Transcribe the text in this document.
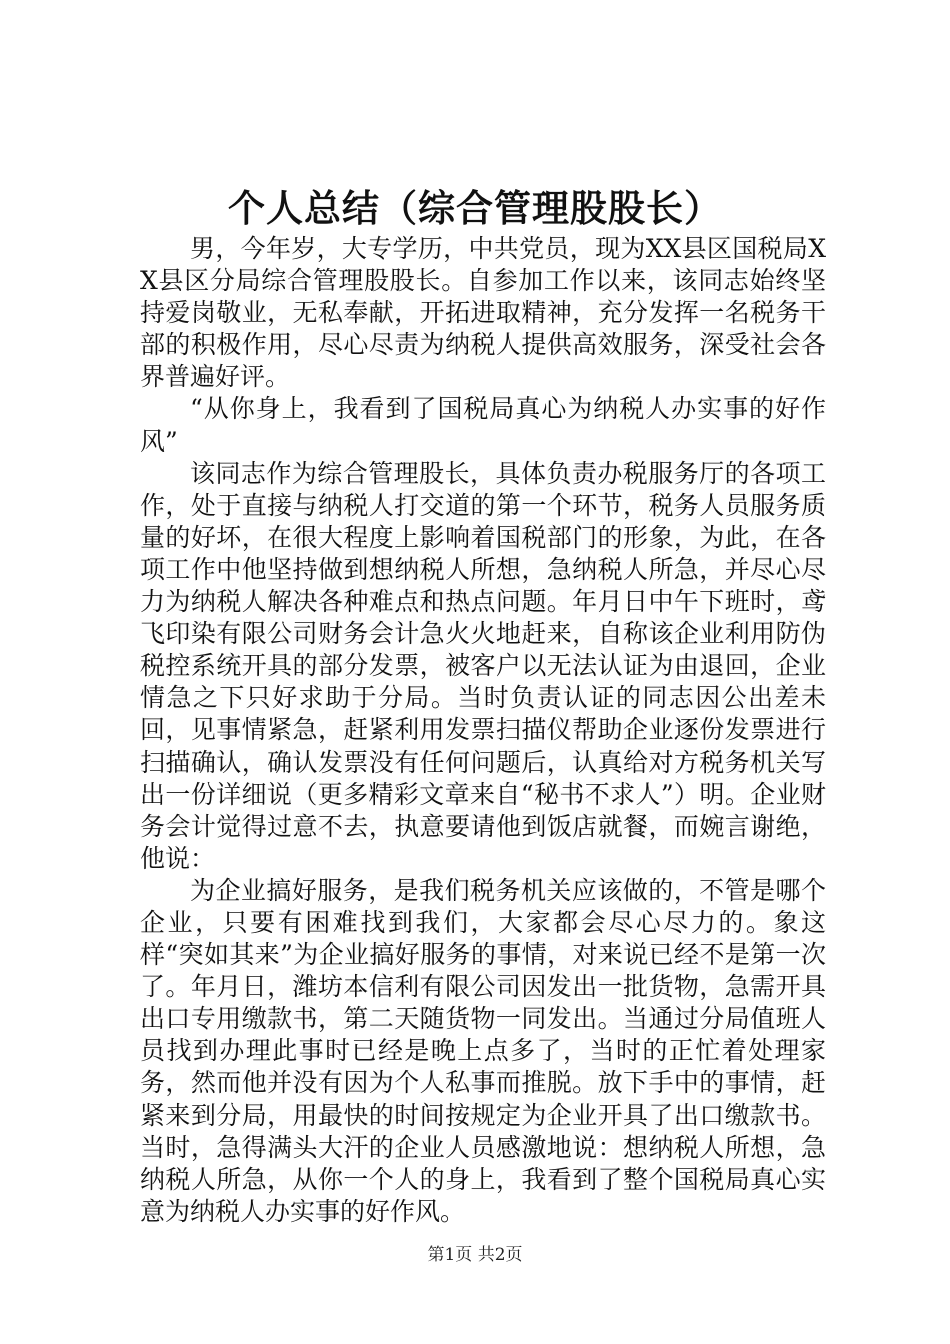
个人总结（综合管理股股长）

男，今年岁，大专学历，中共党员，现为XX县区国税局XX县区分局综合管理股股长。自参加工作以来，该同志始终坚持爱岗敬业，无私奉献，开拓进取精神，充分发挥一名税务干部的积极作用，尽心尽责为纳税人提供高效服务，深受社会各界普遍好评。

“从你身上，我看到了国税局真心为纳税人办实事的好作风”

该同志作为综合管理股长，具体负责办税服务厅的各项工作，处于直接与纳税人打交道的第一个环节，税务人员服务质量的好坏，在很大程度上影响着国税部门的形象，为此，在各项工作中他坚持做到想纳税人所想，急纳税人所急，并尽心尽力为纳税人解决各种难点和热点问题。年月日中午下班时，鸢飞印染有限公司财务会计急火火地赶来，自称该企业利用防伪税控系统开具的部分发票，被客户以无法认证为由退回，企业情急之下只好求助于分局。当时负责认证的同志因公出差未回，见事情紧急，赶紧利用发票扫描仪帮助企业逐份发票进行扫描确认，确认发票没有任何问题后，认真给对方税务机关写出一份详细说（更多精彩文章来自“秘书不求人”）明。企业财务会计觉得过意不去，执意要请他到饭店就餐，而婉言谢绝，他说：

为企业搞好服务，是我们税务机关应该做的，不管是哪个企业，只要有困难找到我们，大家都会尽心尽力的。象这样“突如其来”为企业搞好服务的事情，对来说已经不是第一次了。年月日，潍坊本信利有限公司因发出一批货物，急需开具出口专用缴款书，第二天随货物一同发出。当通过分局值班人员找到办理此事时已经是晚上点多了，当时的正忙着处理家务，然而他并没有因为个人私事而推脱。放下手中的事情，赶紧来到分局，用最快的时间按规定为企业开具了出口缴款书。当时，急得满头大汗的企业人员感激地说：想纳税人所想，急纳税人所急，从你一个人的身上，我看到了整个国税局真心实意为纳税人办实事的好作风。

第1页 共2页
